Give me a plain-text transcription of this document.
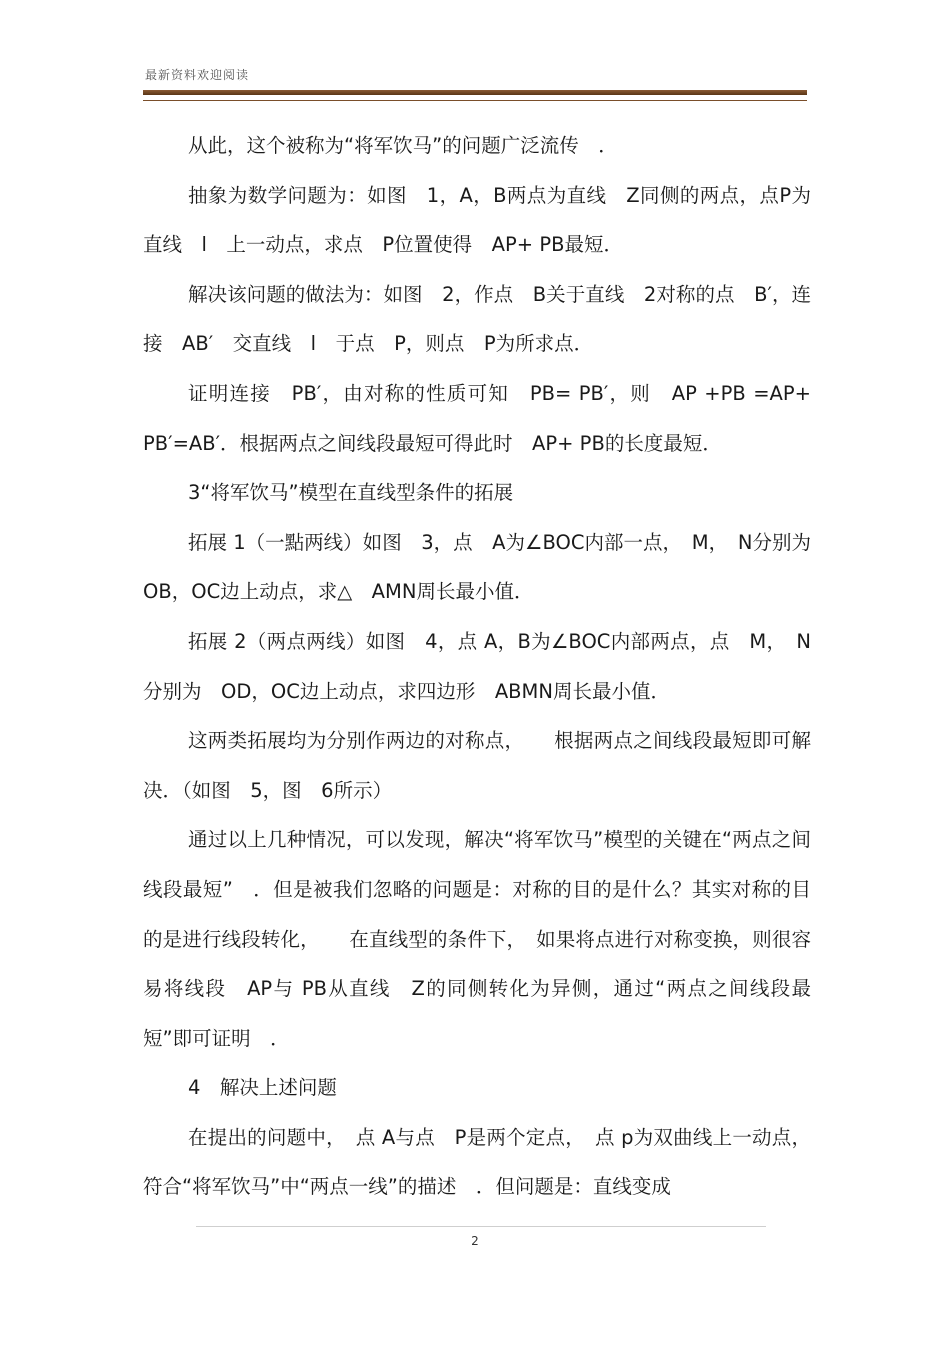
最新资料欢迎阅读

从此，这个被称为“将军饮马”的问题广泛流传　．

抽象为数学问题为：如图　1，A，B两点为直线　Z同侧的两点，点P为直线　l　上一动点，求点　P位置使得　AP+ PB最短．

解决该问题的做法为：如图　2，作点　B关于直线　2对称的点　B′，连接　AB′　交直线　l　于点　P，则点　P为所求点．

证明连接　PB′，由对称的性质可知　PB= PB′，则　AP +PB =AP+ PB′=AB′．根据两点之间线段最短可得此时　AP+ PB的长度最短．

3“将军饮马”模型在直线型条件的拓展

拓展 1（一點两线）如图　3，点　A为∠BOC内部一点，　M，　N分别为 OB，OC边上动点，求△　AMN周长最小值．

拓展 2（两点两线）如图　4，点 A，B为∠BOC内部两点，点　M，　N分别为　OD，OC边上动点，求四边形　ABMN周长最小值．

这两类拓展均为分别作两边的对称点，　　根据两点之间线段最短即可解决．（如图　5，图　6所示）

通过以上几种情况，可以发现，解决“将军饮马”模型的关键在“两点之间线段最短”　．但是被我们忽略的问题是：对称的目的是什么？其实对称的目的是进行线段转化，　　在直线型的条件下，　如果将点进行对称变换，则很容易将线段　AP与 PB从直线　Z的同侧转化为异侧，通过“两点之间线段最短”即可证明　．

4　解决上述问题

在提出的问题中，　点 A与点　P是两个定点，　点 p为双曲线上一动点，符合“将军饮马”中“两点一线”的描述　．但问题是：直线变成

2
